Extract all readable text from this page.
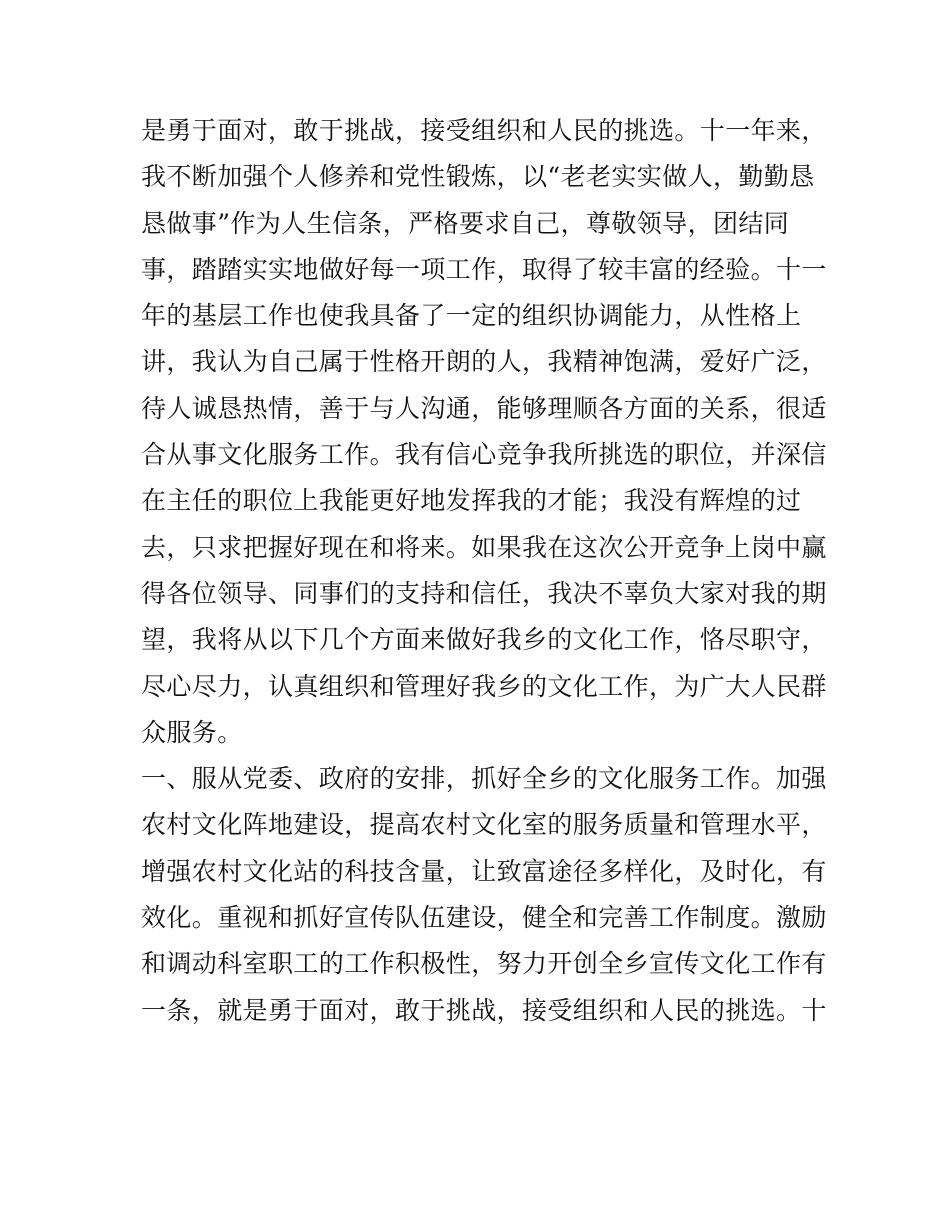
是勇于面对，敢于挑战，接受组织和人民的挑选。十一年来，
我不断加强个人修养和党性锻炼，以“老老实实做人，勤勤恳
恳做事”作为人生信条，严格要求自己，尊敬领导，团结同
事，踏踏实实地做好每一项工作，取得了较丰富的经验。十一
年的基层工作也使我具备了一定的组织协调能力，从性格上
讲，我认为自己属于性格开朗的人，我精神饱满，爱好广泛，
待人诚恳热情，善于与人沟通，能够理顺各方面的关系，很适
合从事文化服务工作。我有信心竞争我所挑选的职位，并深信
在主任的职位上我能更好地发挥我的才能；我没有辉煌的过
去，只求把握好现在和将来。如果我在这次公开竞争上岗中赢
得各位领导、同事们的支持和信任，我决不辜负大家对我的期
望，我将从以下几个方面来做好我乡的文化工作，恪尽职守，
尽心尽力，认真组织和管理好我乡的文化工作，为广大人民群
众服务。
一、服从党委、政府的安排，抓好全乡的文化服务工作。加强
农村文化阵地建设，提高农村文化室的服务质量和管理水平，
增强农村文化站的科技含量，让致富途径多样化，及时化，有
效化。重视和抓好宣传队伍建设，健全和完善工作制度。激励
和调动科室职工的工作积极性，努力开创全乡宣传文化工作有
一条，就是勇于面对，敢于挑战，接受组织和人民的挑选。十
